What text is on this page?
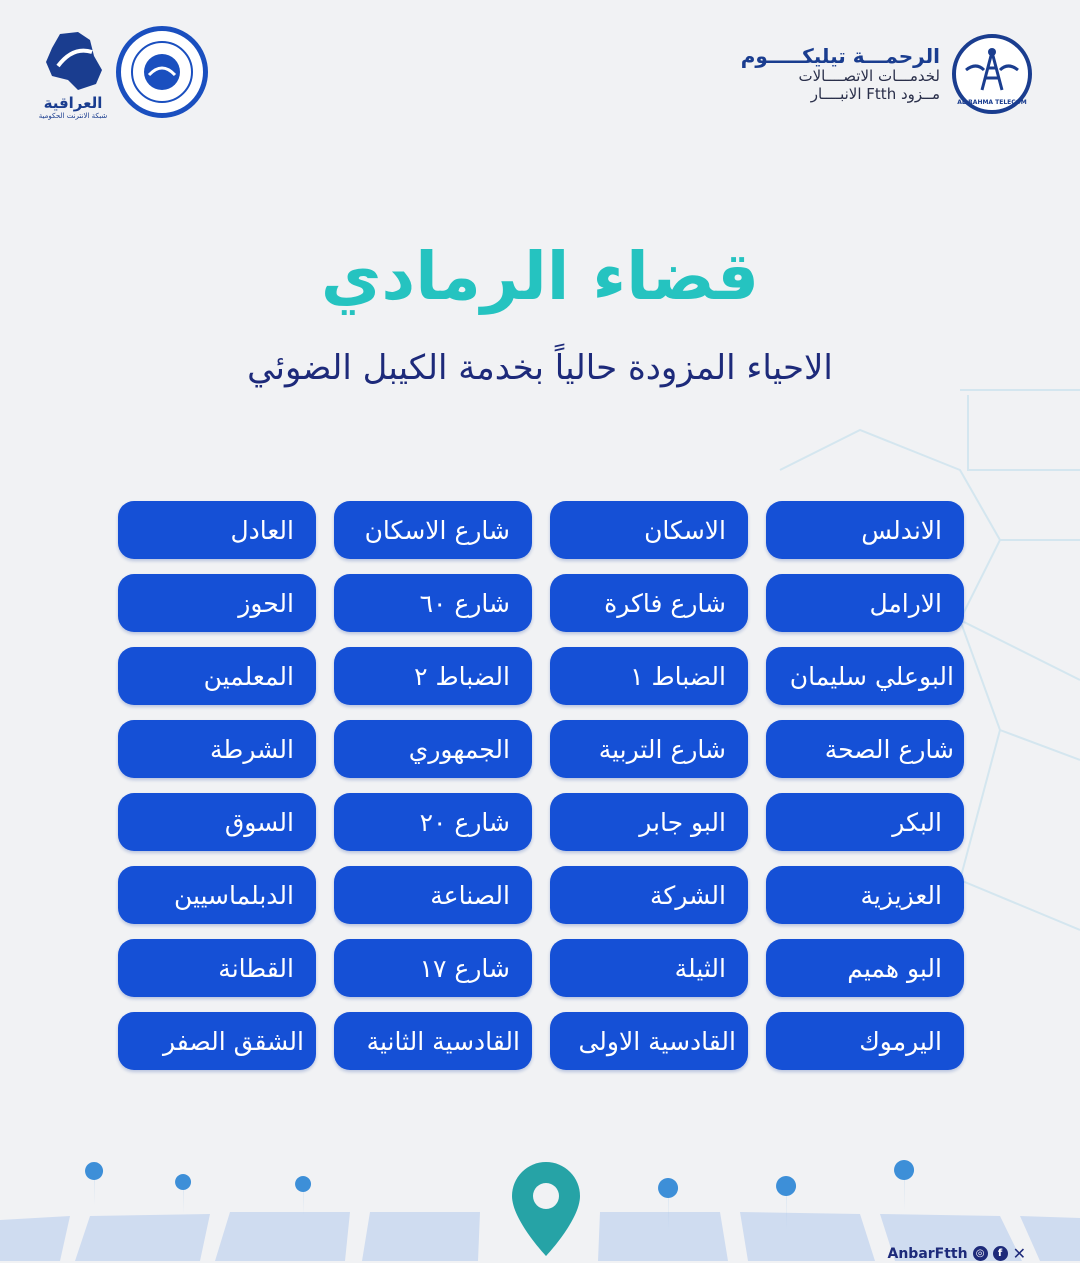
AL-RAHMA TELECOM
الرحمـــة تيليكـــــوم
لخدمـــات الاتصــــالات
مــزود Ftth الانبــــار
العراقية
شبكة الانترنت الحكومية
قضاء الرمادي
الاحياء المزودة حالياً بخدمة الكيبل الضوئي
الاندلس
الاسكان
شارع الاسكان
العادل
الارامل
شارع فاكرة
شارع ٦٠
الحوز
البوعلي سليمان
الضباط ١
الضباط ٢
المعلمين
شارع الصحة
شارع التربية
الجمهوري
الشرطة
البكر
البو جابر
شارع ٢٠
السوق
العزيزية
الشركة
الصناعة
الدبلماسيين
البو هميم
الثيلة
شارع ١٧
القطانة
اليرموك
القادسية الاولى
القادسية الثانية
الشقق الصفر
AnbarFtth ◎	f ✕
